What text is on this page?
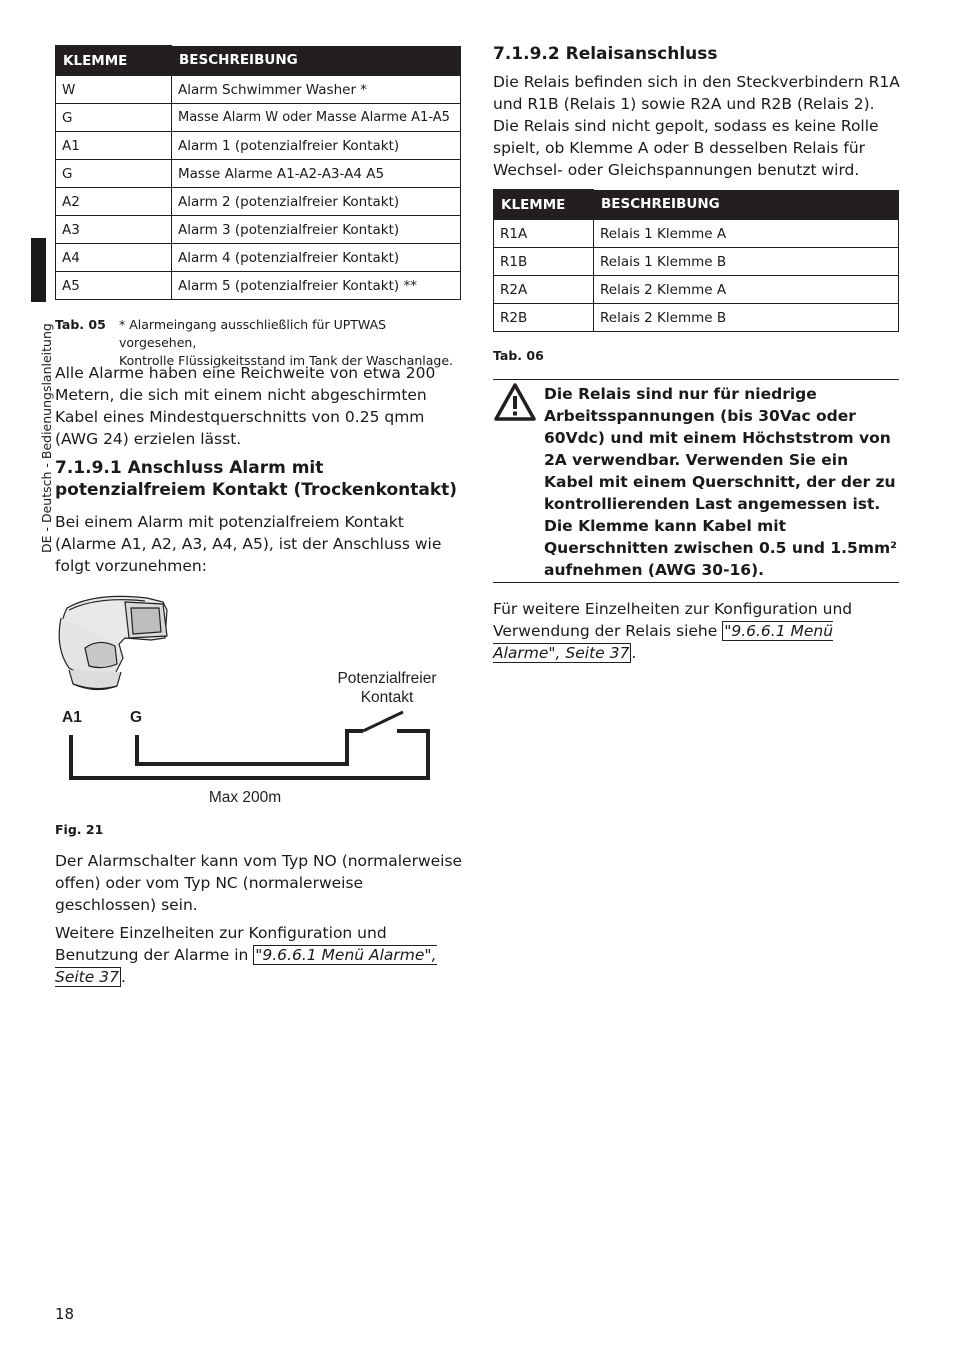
DE - Deutsch - Bedienungslanleitung
KLEMME	BESCHREIBUNG
W	Alarm Schwimmer Washer *
G	Masse Alarm W oder Masse Alarme A1-A5
A1	Alarm 1 (potenzialfreier Kontakt)
G	Masse Alarme A1-A2-A3-A4 A5
A2	Alarm 2 (potenzialfreier Kontakt)
A3	Alarm 3 (potenzialfreier Kontakt)
A4	Alarm 4 (potenzialfreier Kontakt)
A5	Alarm 5 (potenzialfreier Kontakt) **
Tab. 05 * Alarmeingang ausschließlich für UPTWAS vorgesehen,
Kontrolle Flüssigkeitsstand im Tank der Waschanlage.
Alle Alarme haben eine Reichweite von etwa 200 Metern, die sich mit einem nicht abgeschirmten Kabel eines Mindestquerschnitts von 0.25 qmm (AWG 24) erzielen lässt.
7.1.9.1 Anschluss Alarm mit
potenzialfreiem Kontakt (Trockenkontakt)
Bei einem Alarm mit potenzialfreiem Kontakt (Alarme A1, A2, A3, A4, A5), ist der Anschluss wie folgt vorzunehmen:
A1	G
Potenzialfreier
Kontakt
Max 200m
Fig. 21
Der Alarmschalter kann vom Typ NO (normalerweise offen) oder vom Typ NC (normalerweise geschlossen) sein.
Weitere Einzelheiten zur Konfiguration und Benutzung der Alarme in "9.6.6.1 Menü Alarme", Seite 37 .
7.1.9.2 Relaisanschluss
Die Relais befinden sich in den Steckverbindern R1A und R1B (Relais 1) sowie R2A und R2B (Relais 2). Die Relais sind nicht gepolt, sodass es keine Rolle spielt, ob Klemme A oder B desselben Relais für Wechsel- oder Gleichspannungen benutzt wird.
KLEMME	BESCHREIBUNG
R1A	Relais 1 Klemme A
R1B	Relais 1 Klemme B
R2A	Relais 2 Klemme A
R2B	Relais 2 Klemme B
Tab. 06
Die Relais sind nur für niedrige Arbeitsspannungen (bis 30Vac oder 60Vdc) und mit einem Höchststrom von 2A verwendbar. Verwenden Sie ein Kabel mit einem Querschnitt, der der zu kontrollierenden Last angemessen ist. Die Klemme kann Kabel mit Querschnitten zwischen 0.5 und 1.5mm² aufnehmen (AWG 30-16).
Für weitere Einzelheiten zur Konfiguration und Verwendung der Relais siehe "9.6.6.1 Menü Alarme", Seite 37 .
18
